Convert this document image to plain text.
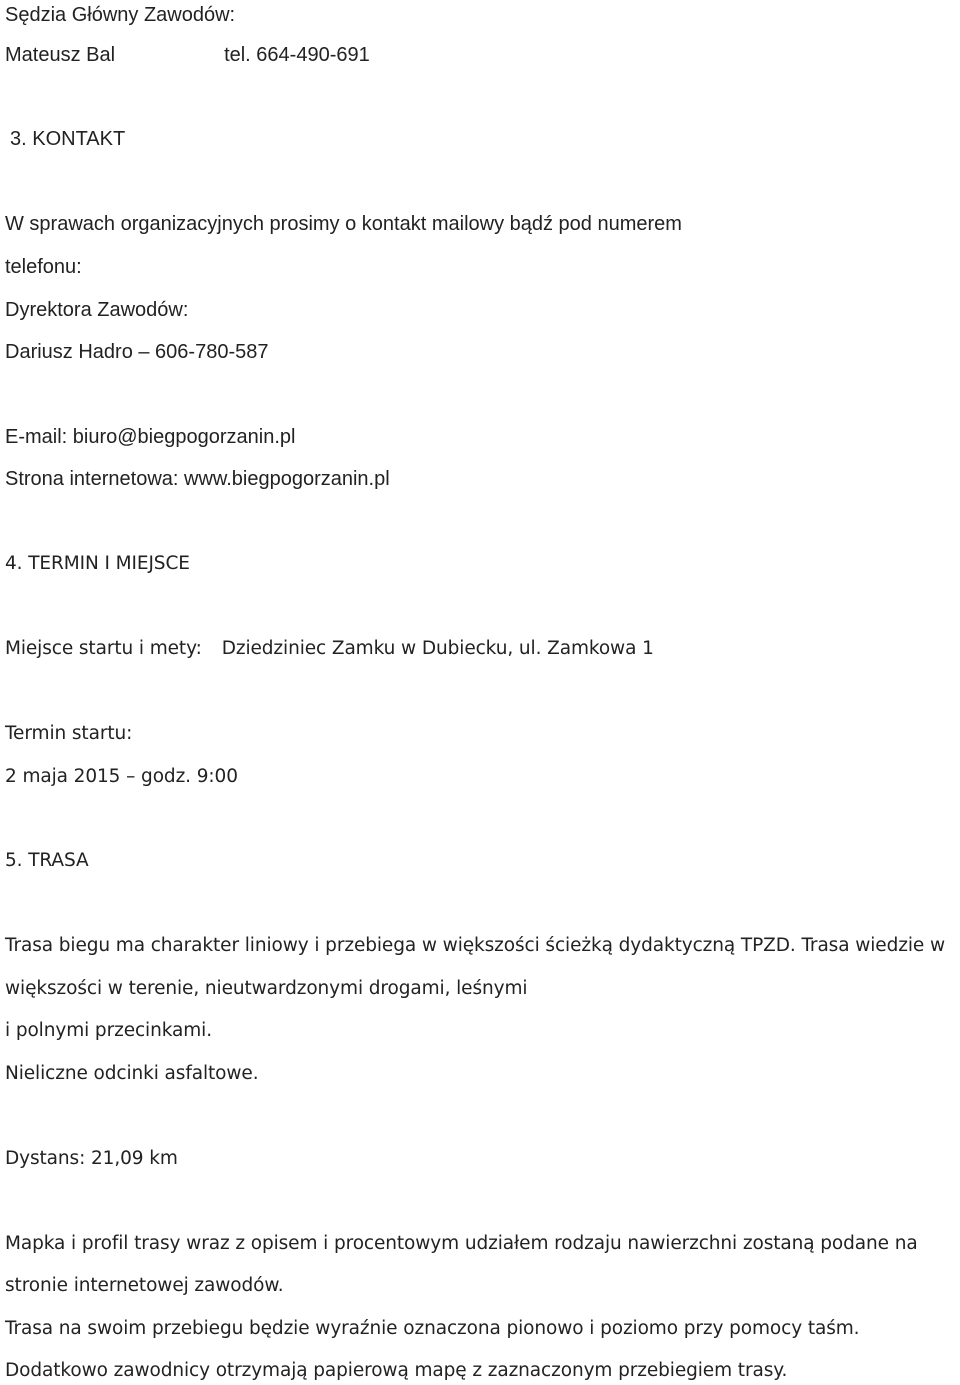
Sędzia Główny Zawodów:
Mateusz Bal	tel. 664-490-691
3. KONTAKT
W sprawach organizacyjnych prosimy o kontakt mailowy bądź pod numerem
telefonu:
Dyrektora Zawodów:
Dariusz Hadro – 606-780-587
E-mail: biuro@biegpogorzanin.pl
Strona internetowa: www.biegpogorzanin.pl
4. TERMIN I MIEJSCE
Miejsce startu i mety: Dziedziniec Zamku w Dubiecku, ul. Zamkowa 1
Termin startu:
2 maja 2015 – godz. 9:00
5. TRASA
Trasa biegu ma charakter liniowy i przebiega w większości ścieżką dydaktyczną TPZD. Trasa wiedzie w
większości w terenie, nieutwardzonymi drogami, leśnymi
i polnymi przecinkami.
Nieliczne odcinki asfaltowe.
Dystans: 21,09 km
Mapka i profil trasy wraz z opisem i procentowym udziałem rodzaju nawierzchni zostaną podane na
stronie internetowej zawodów.
Trasa na swoim przebiegu będzie wyraźnie oznaczona pionowo i poziomo przy pomocy taśm.
Dodatkowo zawodnicy otrzymają papierową mapę z zaznaczonym przebiegiem trasy.
